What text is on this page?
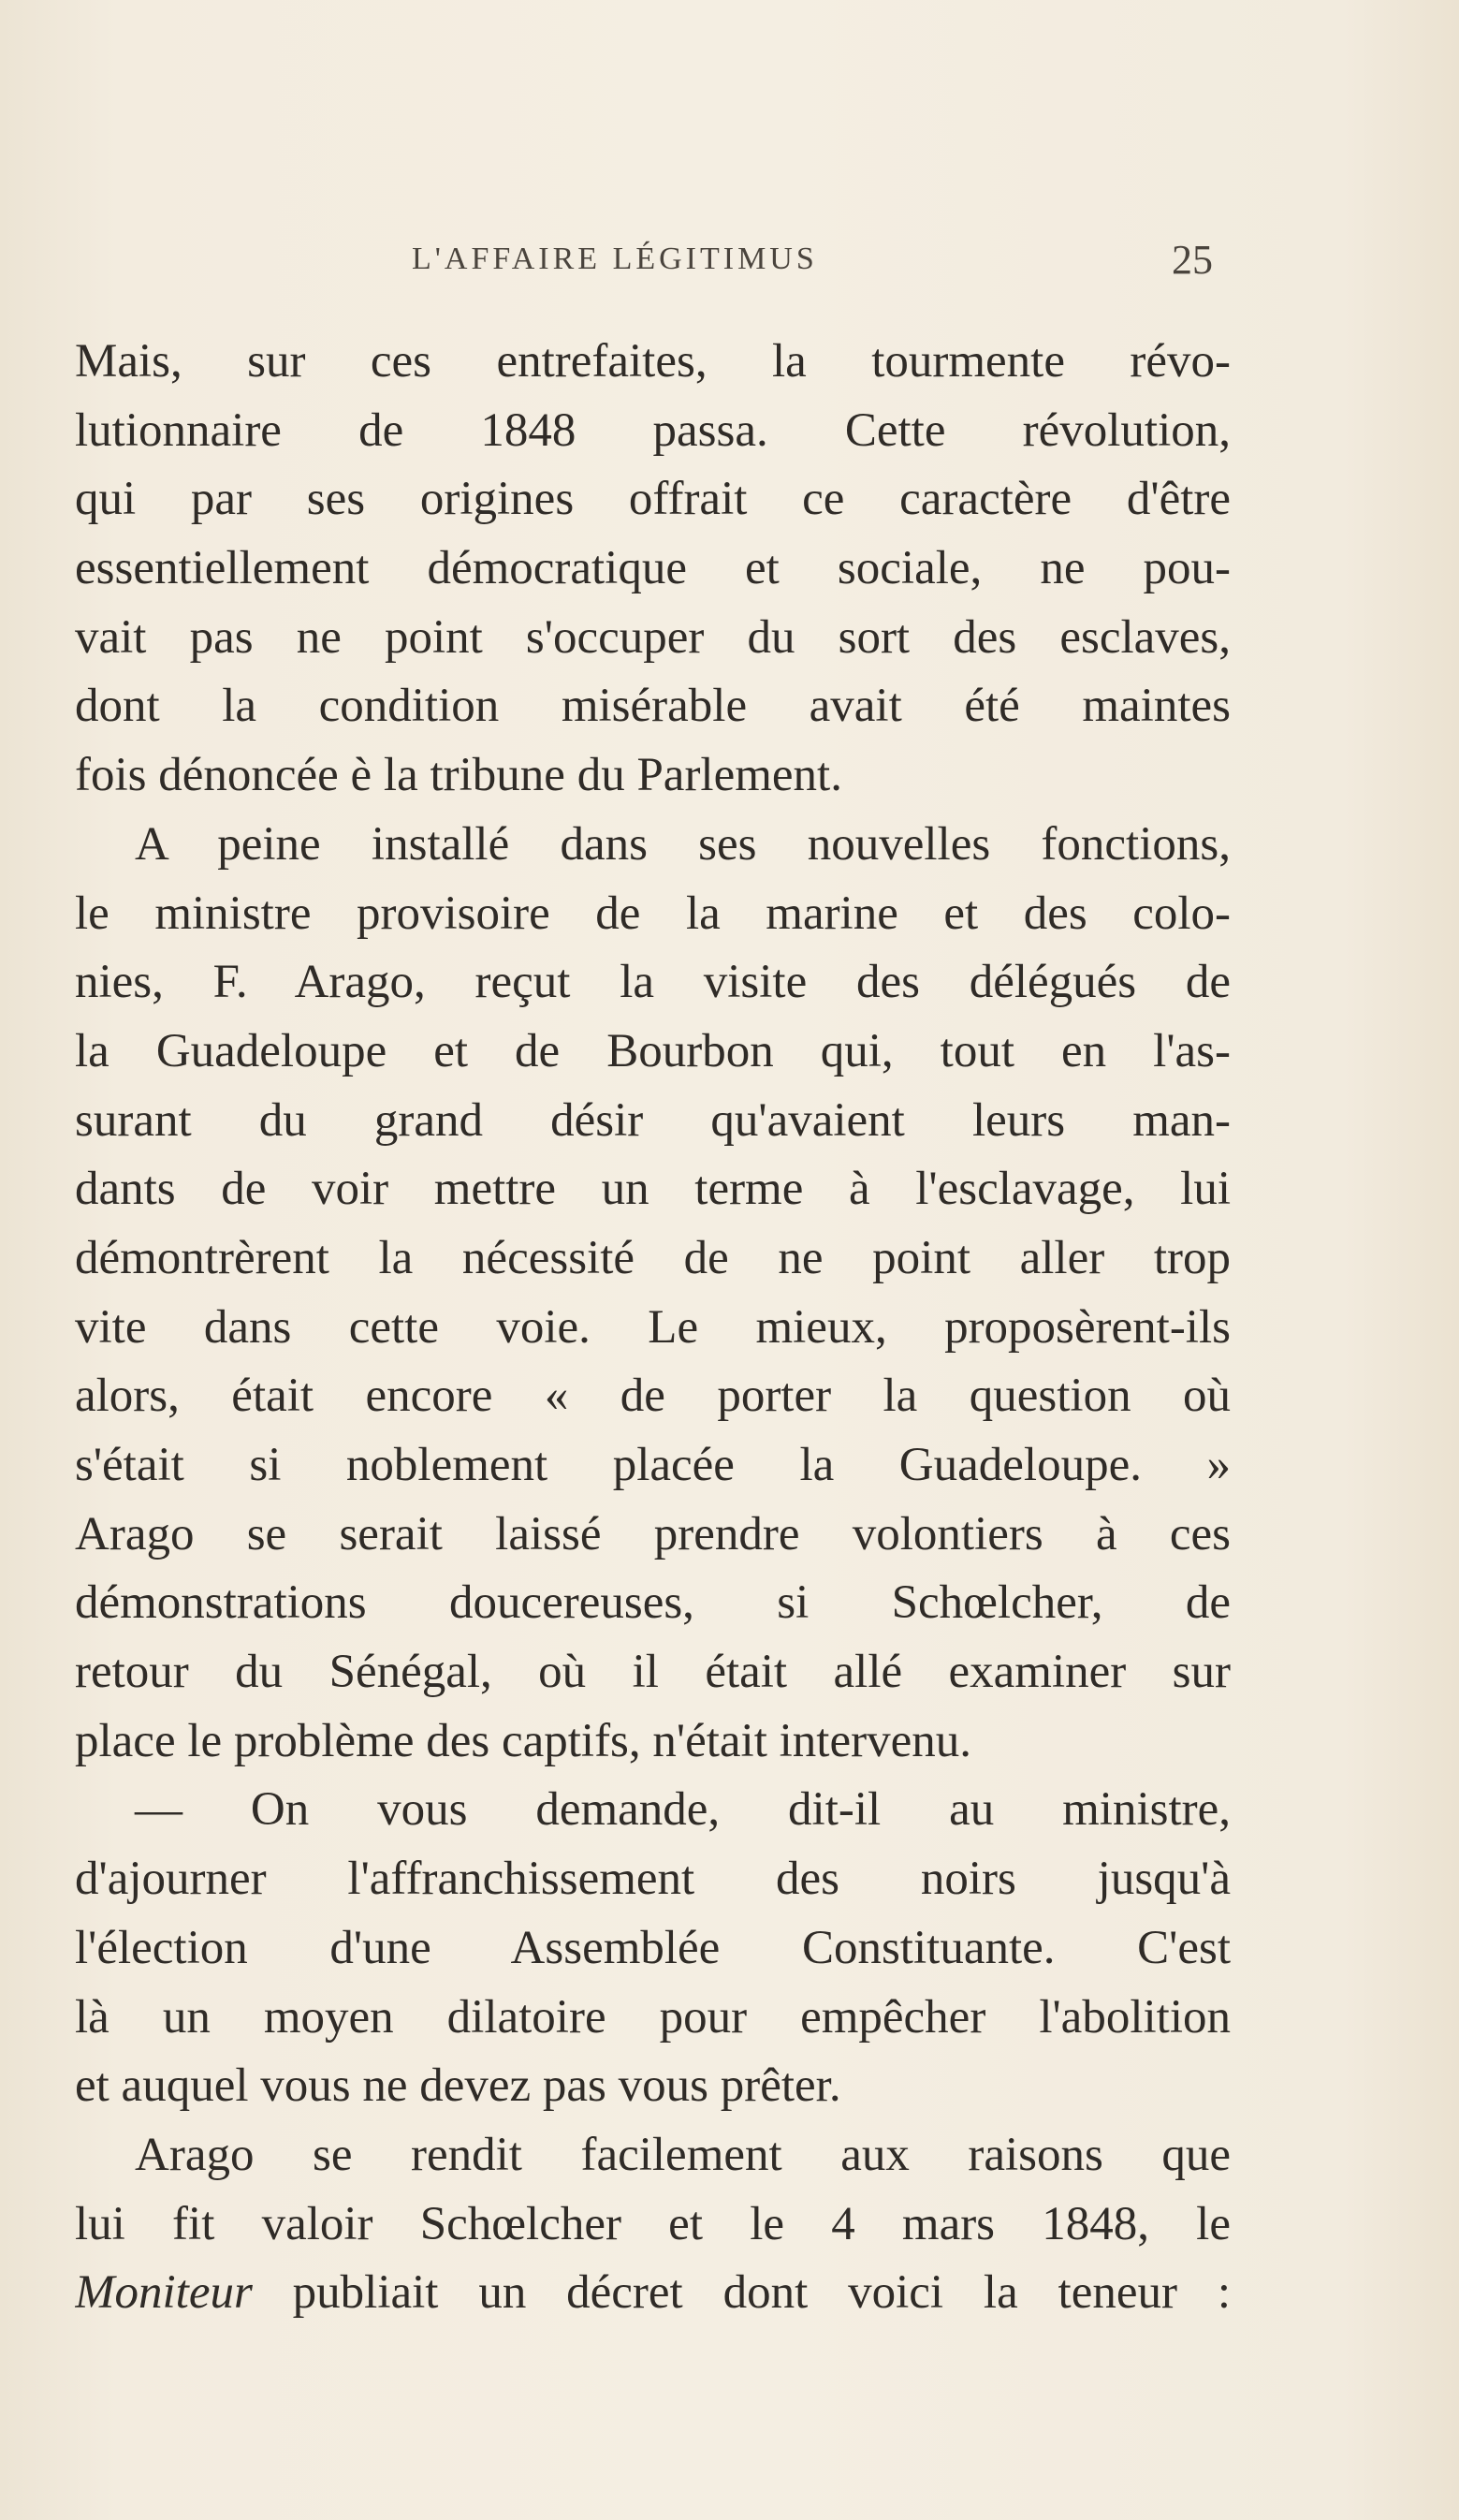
L'AFFAIRE LÉGITIMUS	25
Mais, sur ces entrefaites, la tourmente révo-
lutionnaire de 1848 passa. Cette révolution,
qui par ses origines offrait ce caractère d'être
essentiellement démocratique et sociale, ne pou-
vait pas ne point s'occuper du sort des esclaves,
dont la condition misérable avait été maintes
fois dénoncée è la tribune du Parlement.
A peine installé dans ses nouvelles fonctions,
le ministre provisoire de la marine et des colo-
nies, F. Arago, reçut la visite des délégués de
la Guadeloupe et de Bourbon qui, tout en l'as-
surant du grand désir qu'avaient leurs man-
dants de voir mettre un terme à l'esclavage, lui
démontrèrent la nécessité de ne point aller trop
vite dans cette voie. Le mieux, proposèrent-ils
alors, était encore « de porter la question où
s'était si noblement placée la Guadeloupe. »
Arago se serait laissé prendre volontiers à ces
démonstrations doucereuses, si Schœlcher, de
retour du Sénégal, où il était allé examiner sur
place le problème des captifs, n'était intervenu.
— On vous demande, dit-il au ministre,
d'ajourner l'affranchissement des noirs jusqu'à
l'élection d'une Assemblée Constituante. C'est
là un moyen dilatoire pour empêcher l'abolition
et auquel vous ne devez pas vous prêter.
Arago se rendit facilement aux raisons que
lui fit valoir Schœlcher et le 4 mars 1848, le
Moniteur publiait un décret dont voici la teneur :
